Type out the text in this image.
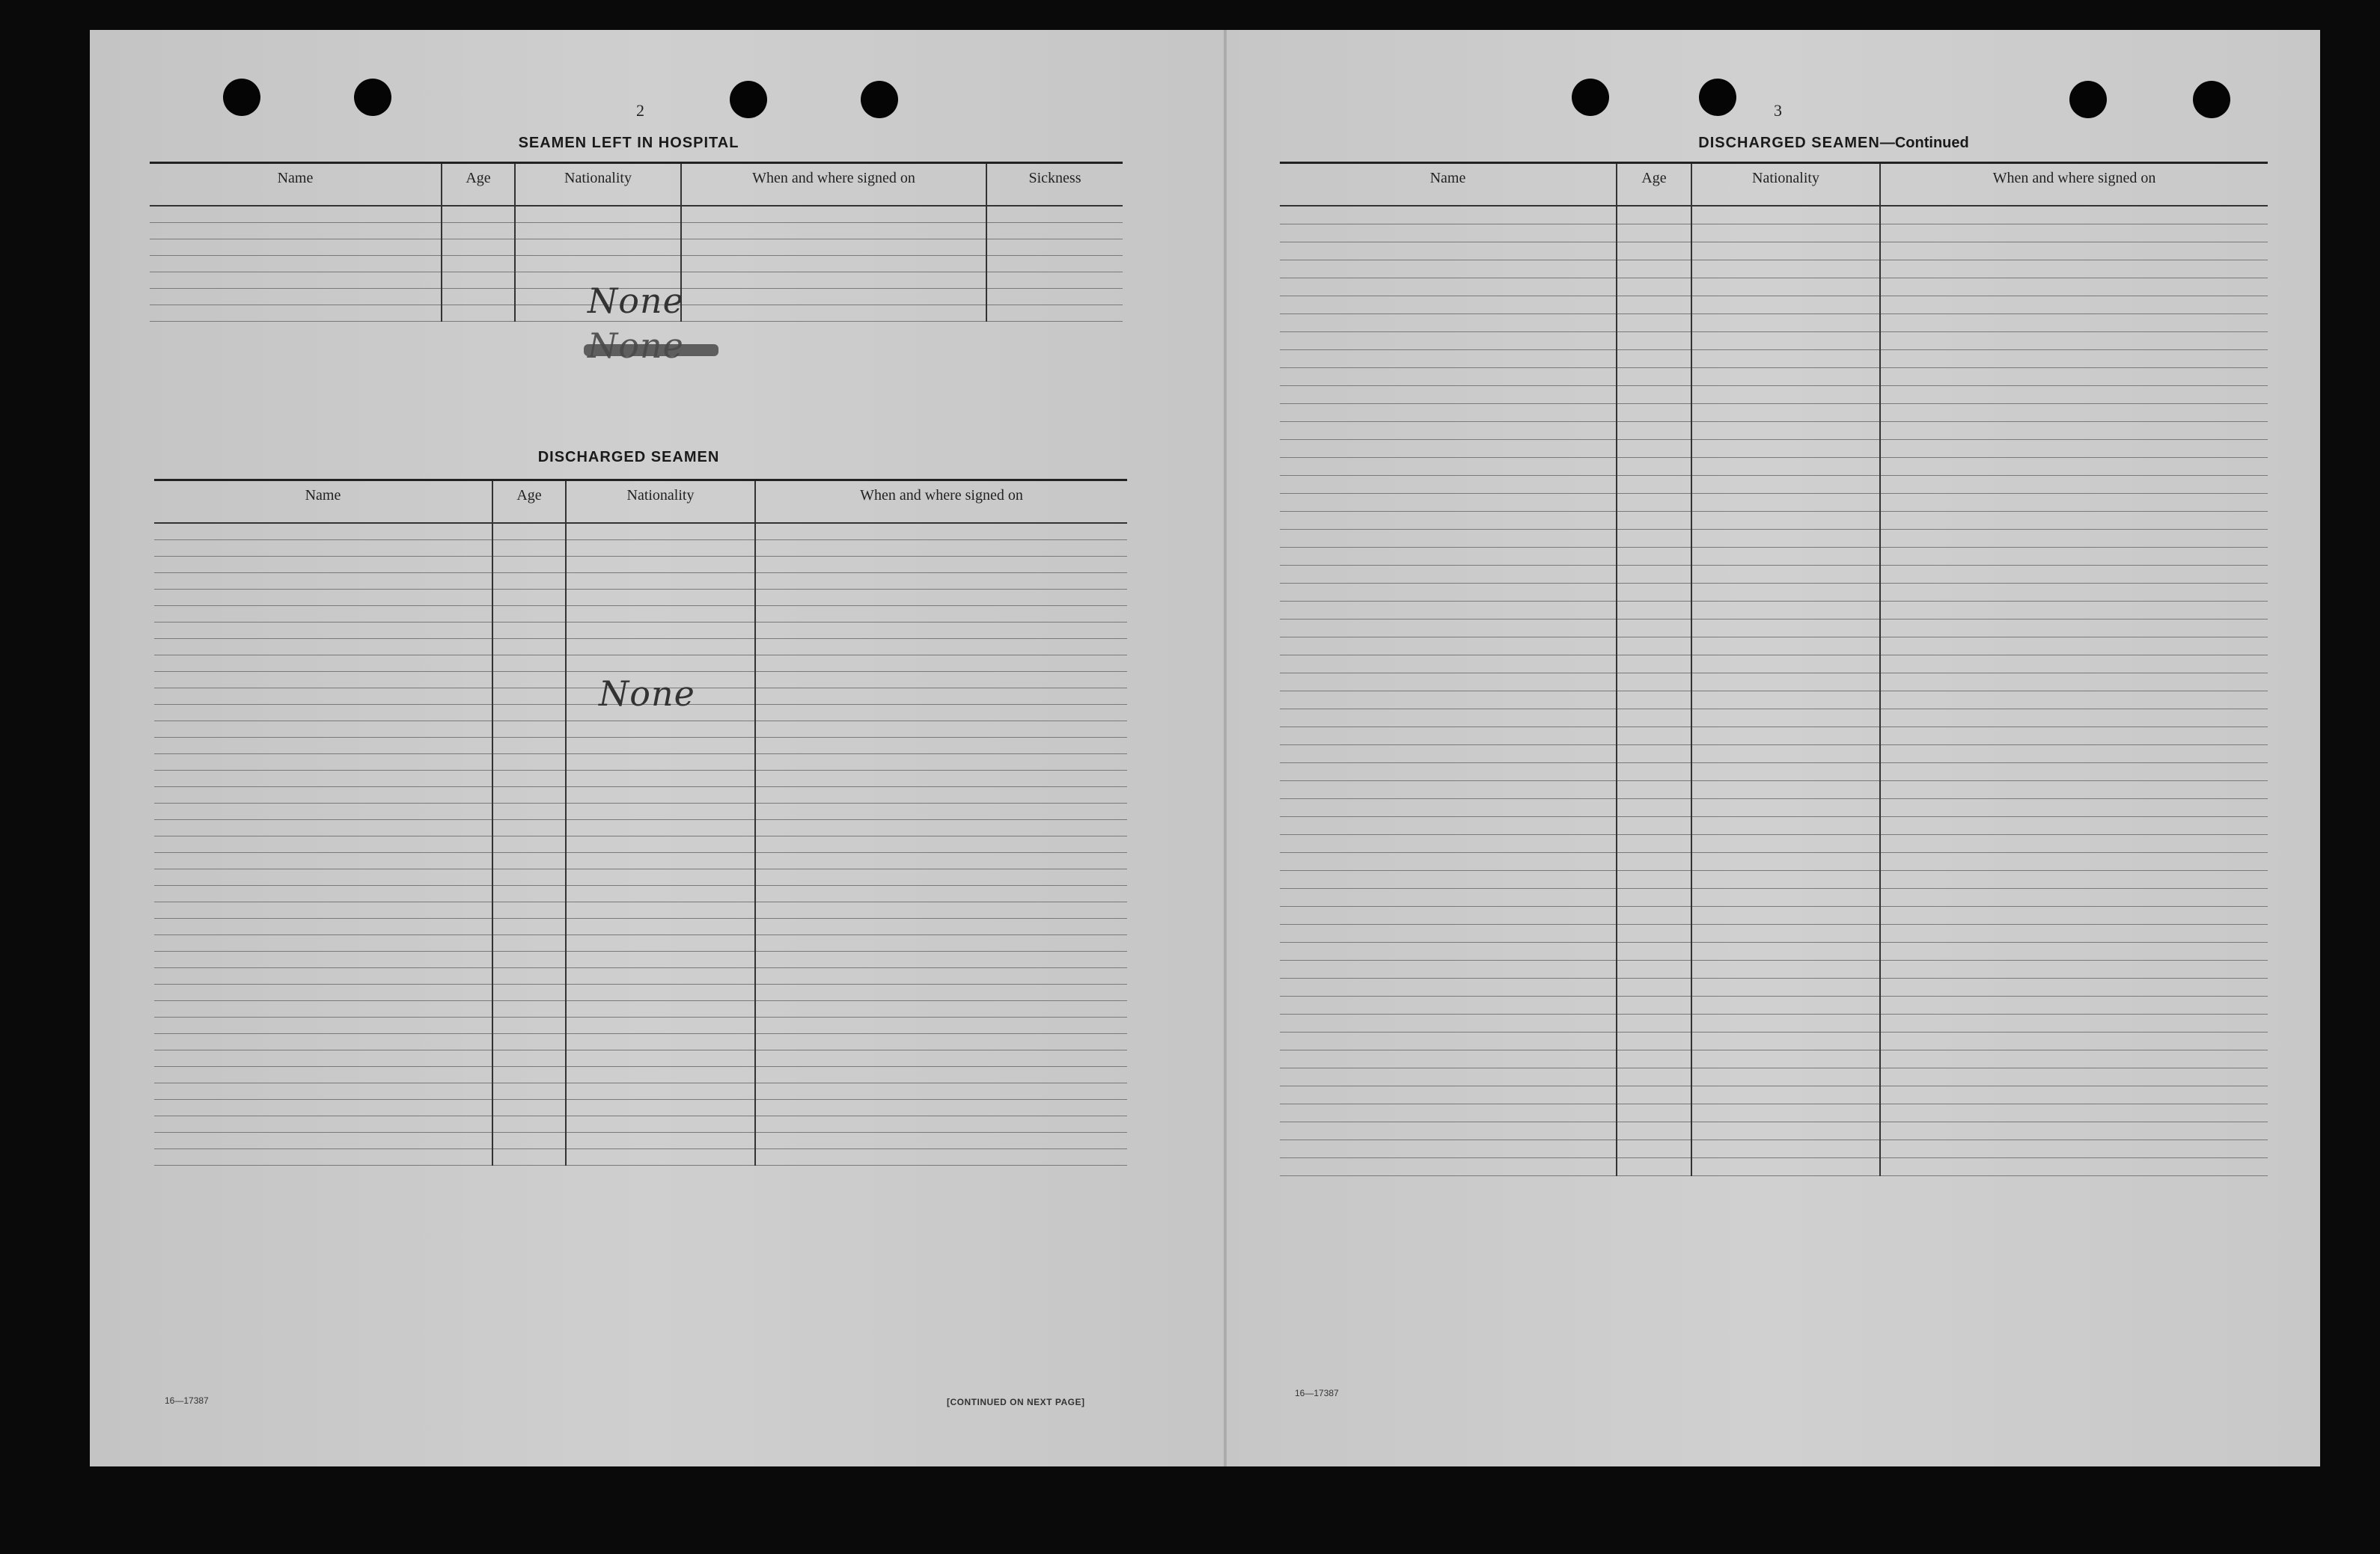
2
SEAMEN LEFT IN HOSPITAL
Name	Age	Nationality	When and where signed on	Sickness

None
DISCHARGED SEAMEN
Name	Age	Nationality	When and where signed on

None
16—17387	[CONTINUED ON NEXT PAGE]
3
DISCHARGED SEAMEN—Continued
Name	Age	Nationality	When and where signed on

16—17387
